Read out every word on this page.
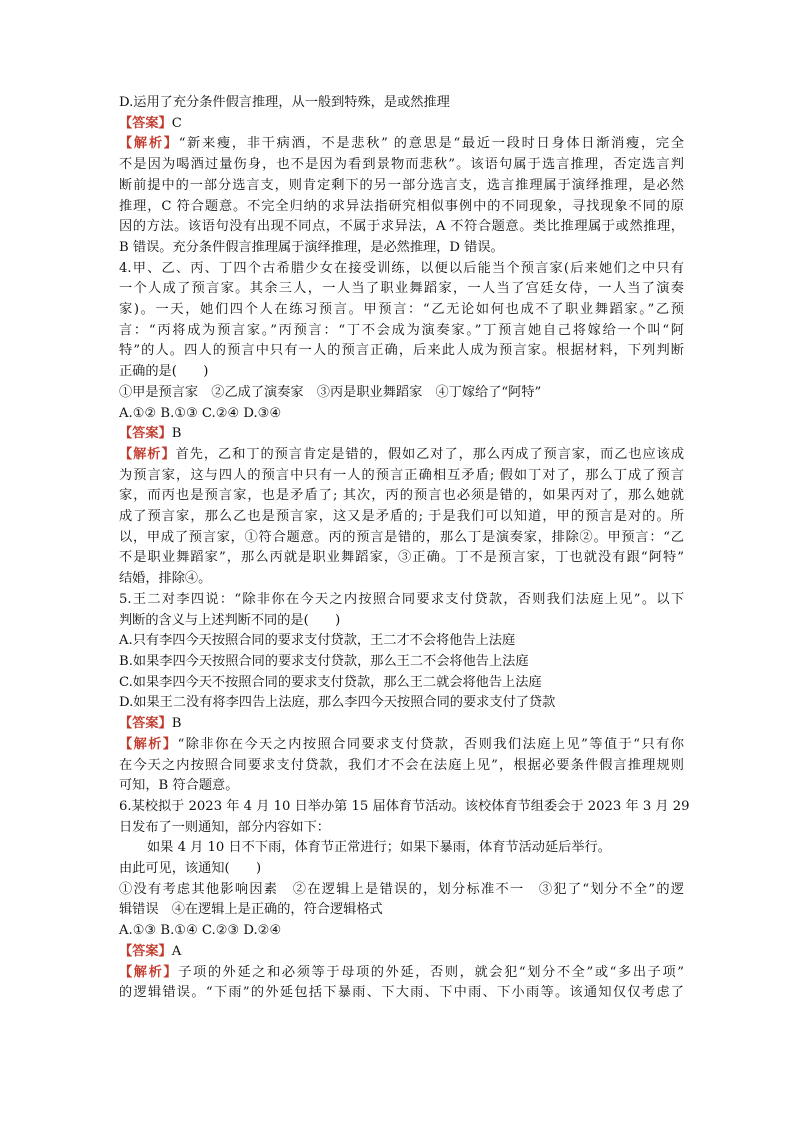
D.运用了充分条件假言推理，从一般到特殊，是或然推理
【答案】C
【解析】“新来瘦，非干病酒，不是悲秋” 的意思是“最近一段时日身体日渐消瘦，完全
不是因为喝酒过量伤身，也不是因为看到景物而悲秋”。该语句属于选言推理，否定选言判
断前提中的一部分选言支，则肯定剩下的另一部分选言支，选言推理属于演绎推理，是必然
推理，C 符合题意。不完全归纳的求异法指研究相似事例中的不同现象，寻找现象不同的原
因的方法。该语句没有出现不同点，不属于求异法，A 不符合题意。类比推理属于或然推理，
B 错误。充分条件假言推理属于演绎推理，是必然推理，D 错误。
4.甲、乙、丙、丁四个古希腊少女在接受训练，以便以后能当个预言家(后来她们之中只有
一个人成了预言家。其余三人，一人当了职业舞蹈家，一人当了宫廷女侍，一人当了演奏
家)。一天，她们四个人在练习预言。甲预言：“乙无论如何也成不了职业舞蹈家。”乙预
言：“丙将成为预言家。”丙预言：“丁不会成为演奏家。”丁预言她自己将嫁给一个叫“阿
特”的人。四人的预言中只有一人的预言正确，后来此人成为预言家。根据材料，下列判断
正确的是(　　)
①甲是预言家　②乙成了演奏家　③丙是职业舞蹈家　④丁嫁给了“阿特”
A.①② B.①③ C.②④ D.③④
【答案】B
【解析】首先，乙和丁的预言肯定是错的，假如乙对了，那么丙成了预言家，而乙也应该成
为预言家，这与四人的预言中只有一人的预言正确相互矛盾; 假如丁对了，那么丁成了预言
家，而丙也是预言家，也是矛盾了; 其次，丙的预言也必须是错的，如果丙对了，那么她就
成了预言家，那么乙也是预言家，这又是矛盾的; 于是我们可以知道，甲的预言是对的。所
以，甲成了预言家，①符合题意。丙的预言是错的，那么丁是演奏家，排除②。甲预言：“乙
不是职业舞蹈家”，那么丙就是职业舞蹈家，③正确。丁不是预言家，丁也就没有跟“阿特”
结婚，排除④。
5.王二对李四说：“除非你在今天之内按照合同要求支付贷款，否则我们法庭上见”。以下
判断的含义与上述判断不同的是(　　)
A.只有李四今天按照合同的要求支付贷款，王二才不会将他告上法庭
B.如果李四今天按照合同的要求支付贷款，那么王二不会将他告上法庭
C.如果李四今天不按照合同的要求支付贷款，那么王二就会将他告上法庭
D.如果王二没有将李四告上法庭，那么李四今天按照合同的要求支付了贷款
【答案】B
【解析】“除非你在今天之内按照合同要求支付贷款，否则我们法庭上见”等值于“只有你
在今天之内按照合同要求支付贷款，我们才不会在法庭上见”，根据必要条件假言推理规则
可知，B 符合题意。
6.某校拟于 2023 年 4 月 10 日举办第 15 届体育节活动。该校体育节组委会于 2023 年 3 月 29
日发布了一则通知，部分内容如下：
如果 4 月 10 日不下雨，体育节正常进行；如果下暴雨，体育节活动延后举行。
由此可见，该通知(　　)
①没有考虑其他影响因素　②在逻辑上是错误的，划分标准不一　③犯了“划分不全”的逻
辑错误　④在逻辑上是正确的，符合逻辑格式
A.①③ B.①④ C.②③ D.②④
【答案】A
【解析】子项的外延之和必须等于母项的外延，否则，就会犯“划分不全”或“多出子项”
的逻辑错误。“下雨”的外延包括下暴雨、下大雨、下中雨、下小雨等。该通知仅仅考虑了
